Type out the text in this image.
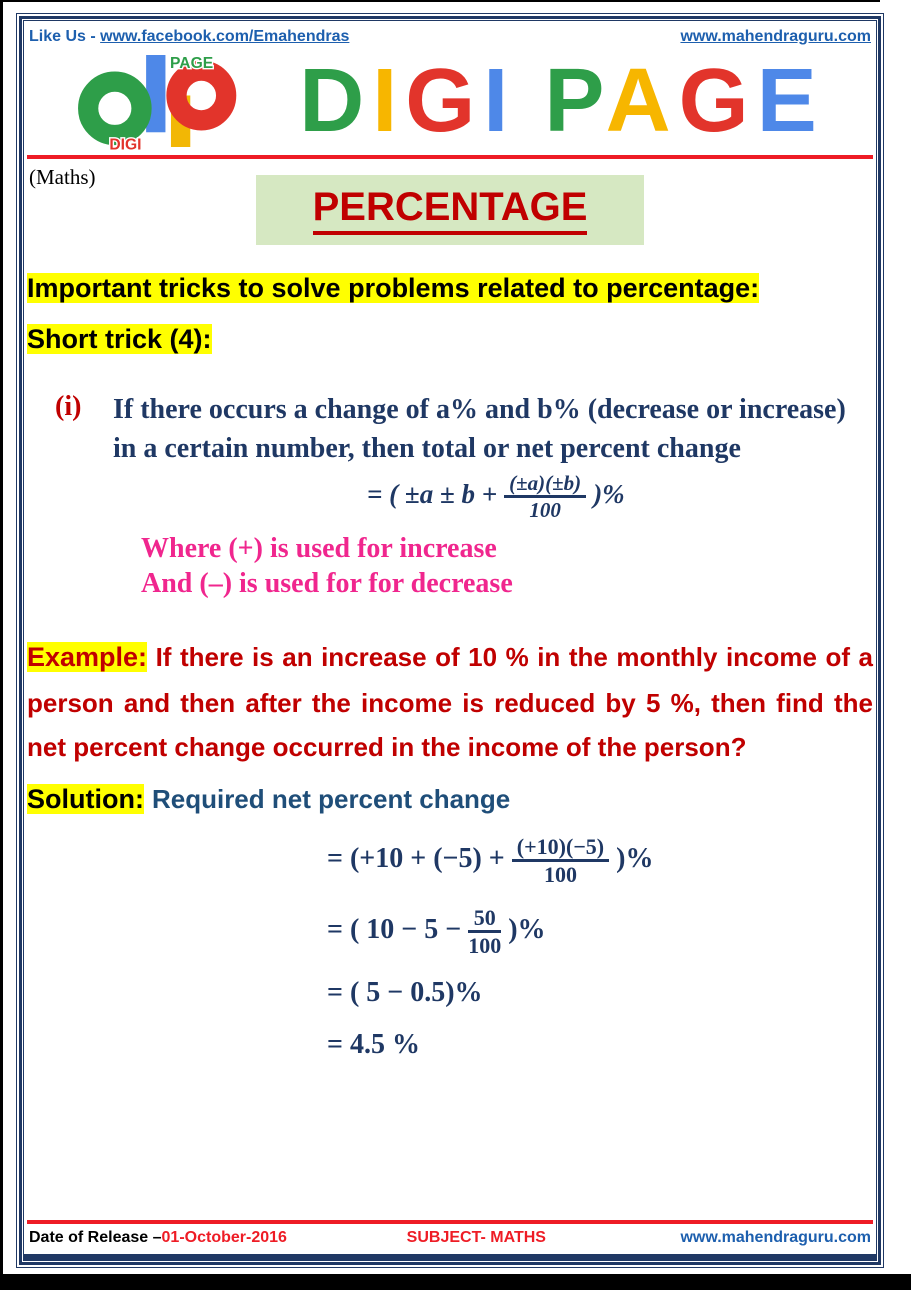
Like Us - www.facebook.com/Emahendras	www.mahendraguru.com
PAGE
DIGI	DIGI PAGE
(Maths)
PERCENTAGE
Important tricks to solve problems related to percentage:
Short trick (4):
(i)	If there occurs a change of a% and b% (decrease or increase) in a certain number, then total or net percent change
= ( $\pm a \pm b + \frac{(\pm a)(\pm b)}{100}$ )%
Where (+) is used for increase
And (–) is used for for decrease

Example: If there is an increase of 10 % in the monthly income of a person and then after the income is reduced by 5 %, then find the net percent change occurred in the income of the person?

Solution: Required net percent change
= ($+10 + (-5) + \frac{(+10)(-5)}{100}$ )%
= ( $10 - 5 - \frac{50}{100}$ )%
= ( 5 − 0.5)%
= 4.5 %
Date of Release –01-October-2016	SUBJECT- MATHS	www.mahendraguru.com
